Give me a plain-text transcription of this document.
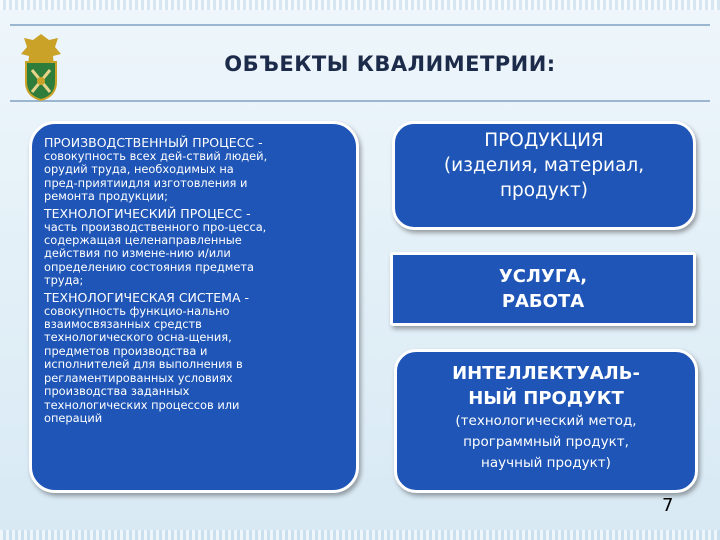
ОБЪЕКТЫ КВАЛИМЕТРИИ:
ПРОИЗВОДСТВЕННЫЙ ПРОЦЕСС -
совокупность всех дей-ствий людей,
орудий труда, необходимых на
пред-приятиидля изготовления и
ремонта продукции;
ТЕХНОЛОГИЧЕСКИЙ ПРОЦЕСС -
часть производственного про-цесса,
содержащая целенаправленные
действия по измене-нию и/или
определению состояния предмета
труда;
ТЕХНОЛОГИЧЕСКАЯ СИСТЕМА -
совокупность функцио-нально
взаимосвязанных средств
технологического осна-щения,
предметов производства и
исполнителей для выполнения в
регламентированных условиях
производства заданных
технологических процессов или
операций
ПРОДУКЦИЯ
(изделия, материал,
продукт)
УСЛУГА,
РАБОТА
ИНТЕЛЛЕКТУАЛЬ-
НЫЙ ПРОДУКТ
(технологический метод,
программный продукт,
научный продукт)
7
